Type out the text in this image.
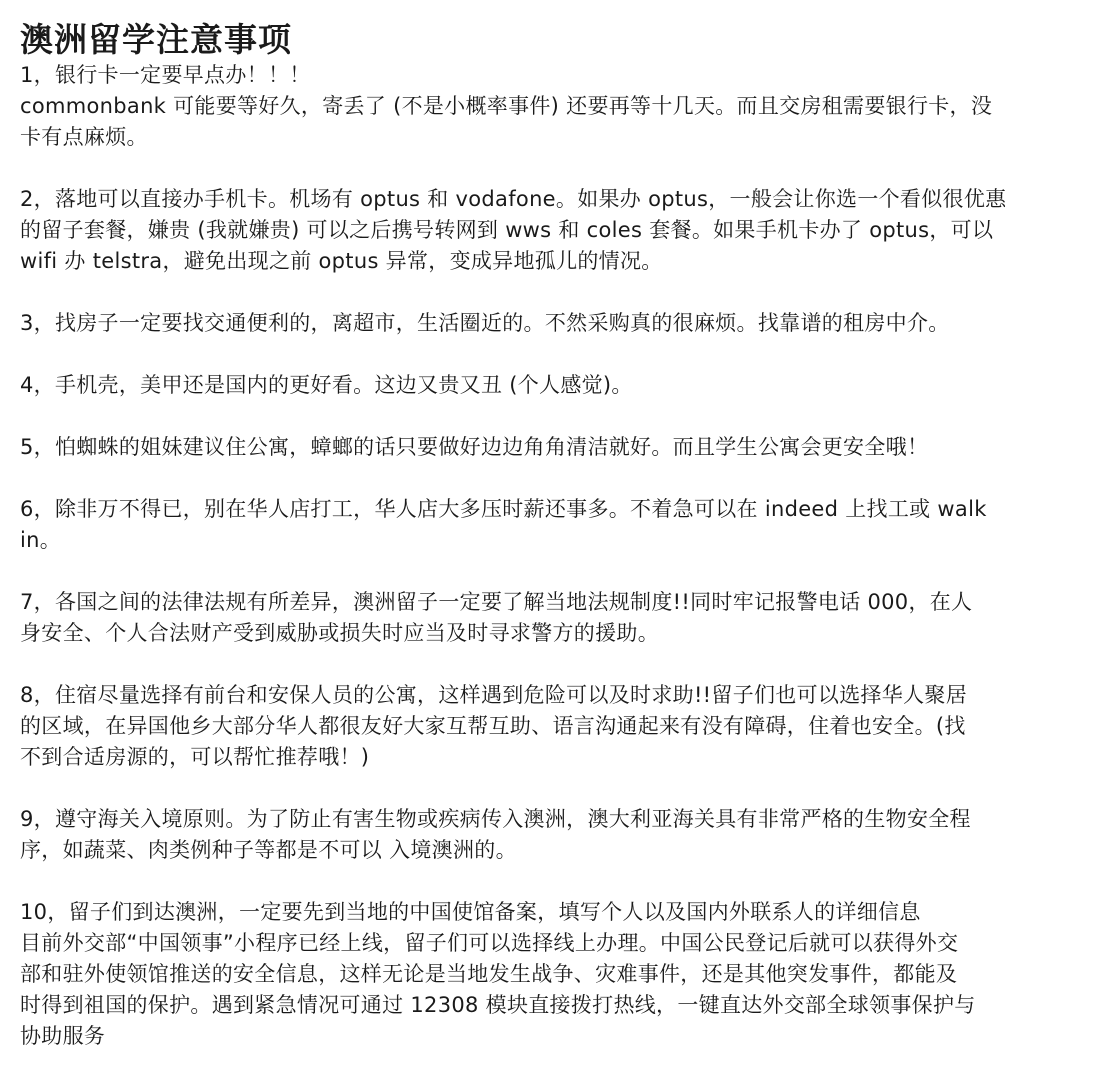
澳洲留学注意事项

1，银行卡一定要早点办！！！

commonbank 可能要等好久，寄丢了 (不是小概率事件) 还要再等十几天。而且交房租需要银行卡，没

卡有点麻烦。

2，落地可以直接办手机卡。机场有 optus 和 vodafone。如果办 optus，一般会让你选一个看似很优惠

的留子套餐，嫌贵 (我就嫌贵) 可以之后携号转网到 wws 和 coles 套餐。如果手机卡办了 optus，可以

wifi 办 telstra，避免出现之前 optus 异常，变成异地孤儿的情况。

3，找房子一定要找交通便利的，离超市，生活圈近的。不然采购真的很麻烦。找靠谱的租房中介。

4，手机壳，美甲还是国内的更好看。这边又贵又丑 (个人感觉)。

5，怕蜘蛛的姐妹建议住公寓，蟑螂的话只要做好边边角角清洁就好。而且学生公寓会更安全哦！

6，除非万不得已，别在华人店打工，华人店大多压时薪还事多。不着急可以在 indeed 上找工或 walk

in。

7，各国之间的法律法规有所差异，澳洲留子一定要了解当地法规制度!!同时牢记报警电话 000，在人

身安全、个人合法财产受到威胁或损失时应当及时寻求警方的援助。

8，住宿尽量选择有前台和安保人员的公寓，这样遇到危险可以及时求助!!留子们也可以选择华人聚居

的区域，在异国他乡大部分华人都很友好大家互帮互助、语言沟通起来有没有障碍，住着也安全。(找

不到合适房源的，可以帮忙推荐哦！)

9，遵守海关入境原则。为了防止有害生物或疾病传入澳洲，澳大利亚海关具有非常严格的生物安全程

序，如蔬菜、肉类例种子等都是不可以 入境澳洲的。

10，留子们到达澳洲，一定要先到当地的中国使馆备案，填写个人以及国内外联系人的详细信息

目前外交部“中国领事”小程序已经上线，留子们可以选择线上办理。中国公民登记后就可以获得外交

部和驻外使领馆推送的安全信息，这样无论是当地发生战争、灾难事件，还是其他突发事件，都能及

时得到祖国的保护。遇到紧急情况可通过 12308 模块直接拨打热线，一键直达外交部全球领事保护与

协助服务
